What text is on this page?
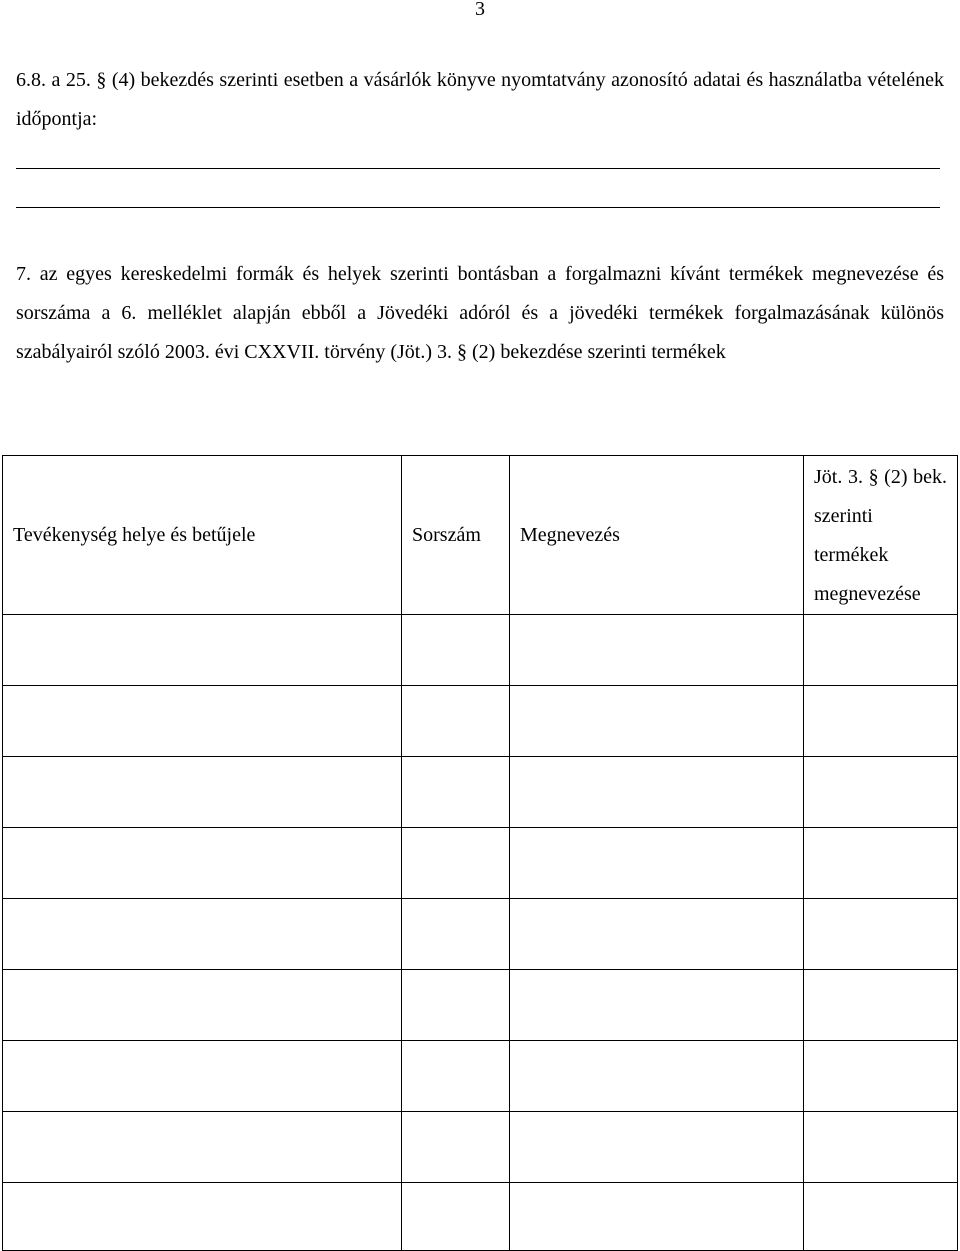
3
6.8. a 25. § (4) bekezdés szerinti esetben a vásárlók könyve nyomtatvány azonosító adatai és használatba vételének időpontja:
7. az egyes kereskedelmi formák és helyek szerinti bontásban a forgalmazni kívánt termékek megnevezése és sorszáma a 6. melléklet alapján ebből a Jövedéki adóról és a jövedéki termékek forgalmazásának különös szabályairól szóló 2003. évi CXXVII. törvény (Jöt.) 3. § (2) bekezdése szerinti termékek
Tevékenység helye és betűjele	Sorszám	Megnevezés	Jöt. 3. § (2) bek. szerinti termékek megnevezése
